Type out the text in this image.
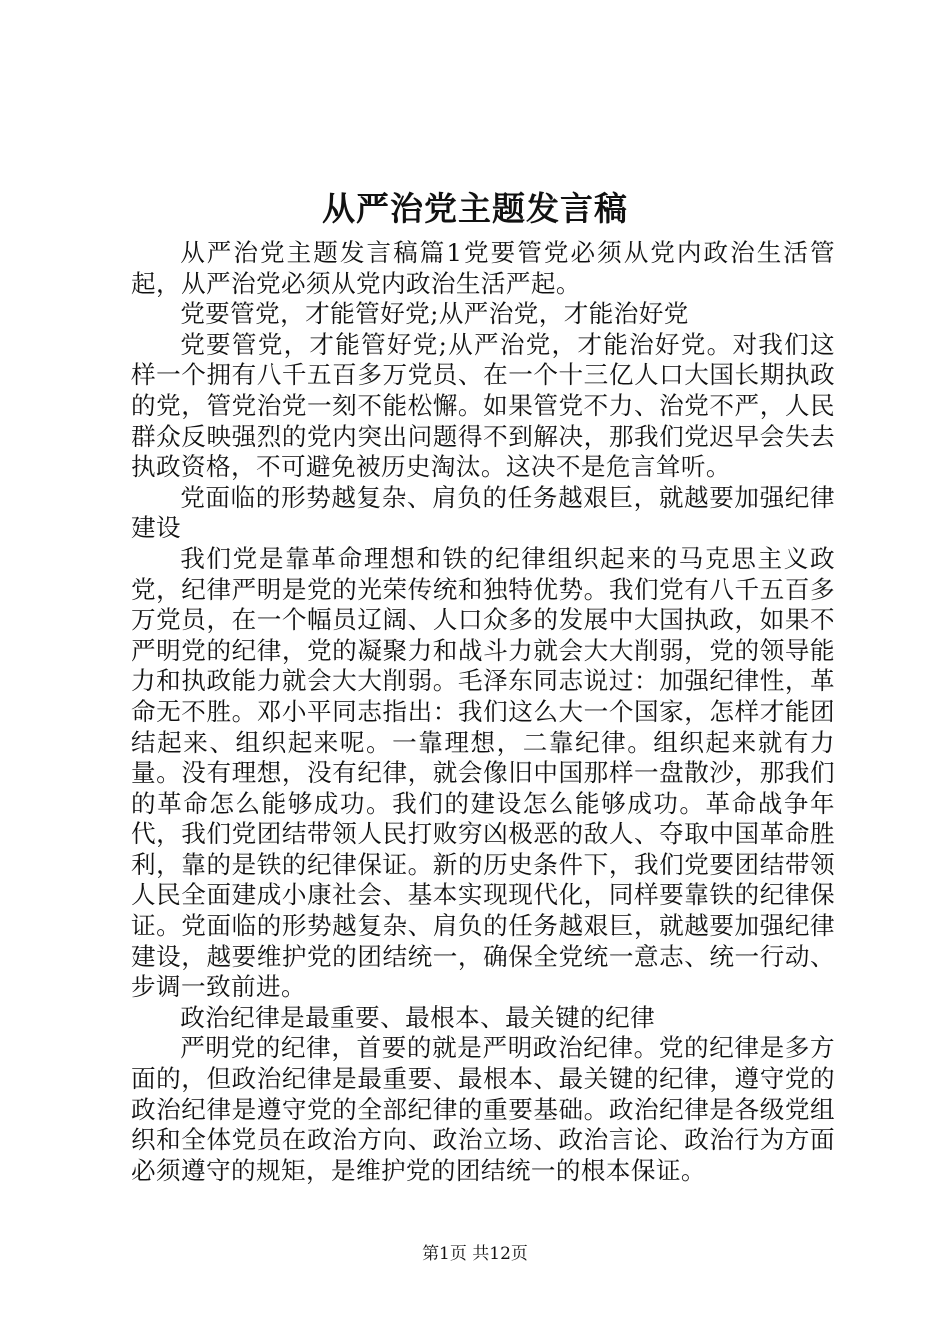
从严治党主题发言稿

从严治党主题发言稿篇1党要管党必须从党内政治生活管起，从严治党必须从党内政治生活严起。

党要管党，才能管好党;从严治党，才能治好党

党要管党，才能管好党;从严治党，才能治好党。对我们这样一个拥有八千五百多万党员、在一个十三亿人口大国长期执政的党，管党治党一刻不能松懈。如果管党不力、治党不严，人民群众反映强烈的党内突出问题得不到解决，那我们党迟早会失去执政资格，不可避免被历史淘汰。这决不是危言耸听。

党面临的形势越复杂、肩负的任务越艰巨，就越要加强纪律建设

我们党是靠革命理想和铁的纪律组织起来的马克思主义政党，纪律严明是党的光荣传统和独特优势。我们党有八千五百多万党员，在一个幅员辽阔、人口众多的发展中大国执政，如果不严明党的纪律，党的凝聚力和战斗力就会大大削弱，党的领导能力和执政能力就会大大削弱。毛泽东同志说过：加强纪律性，革命无不胜。邓小平同志指出：我们这么大一个国家，怎样才能团结起来、组织起来呢。一靠理想，二靠纪律。组织起来就有力量。没有理想，没有纪律，就会像旧中国那样一盘散沙，那我们的革命怎么能够成功。我们的建设怎么能够成功。革命战争年代，我们党团结带领人民打败穷凶极恶的敌人、夺取中国革命胜利，靠的是铁的纪律保证。新的历史条件下，我们党要团结带领人民全面建成小康社会、基本实现现代化，同样要靠铁的纪律保证。党面临的形势越复杂、肩负的任务越艰巨，就越要加强纪律建设，越要维护党的团结统一，确保全党统一意志、统一行动、步调一致前进。

政治纪律是最重要、最根本、最关键的纪律

严明党的纪律，首要的就是严明政治纪律。党的纪律是多方面的，但政治纪律是最重要、最根本、最关键的纪律，遵守党的政治纪律是遵守党的全部纪律的重要基础。政治纪律是各级党组织和全体党员在政治方向、政治立场、政治言论、政治行为方面必须遵守的规矩，是维护党的团结统一的根本保证。

第1页 共12页
